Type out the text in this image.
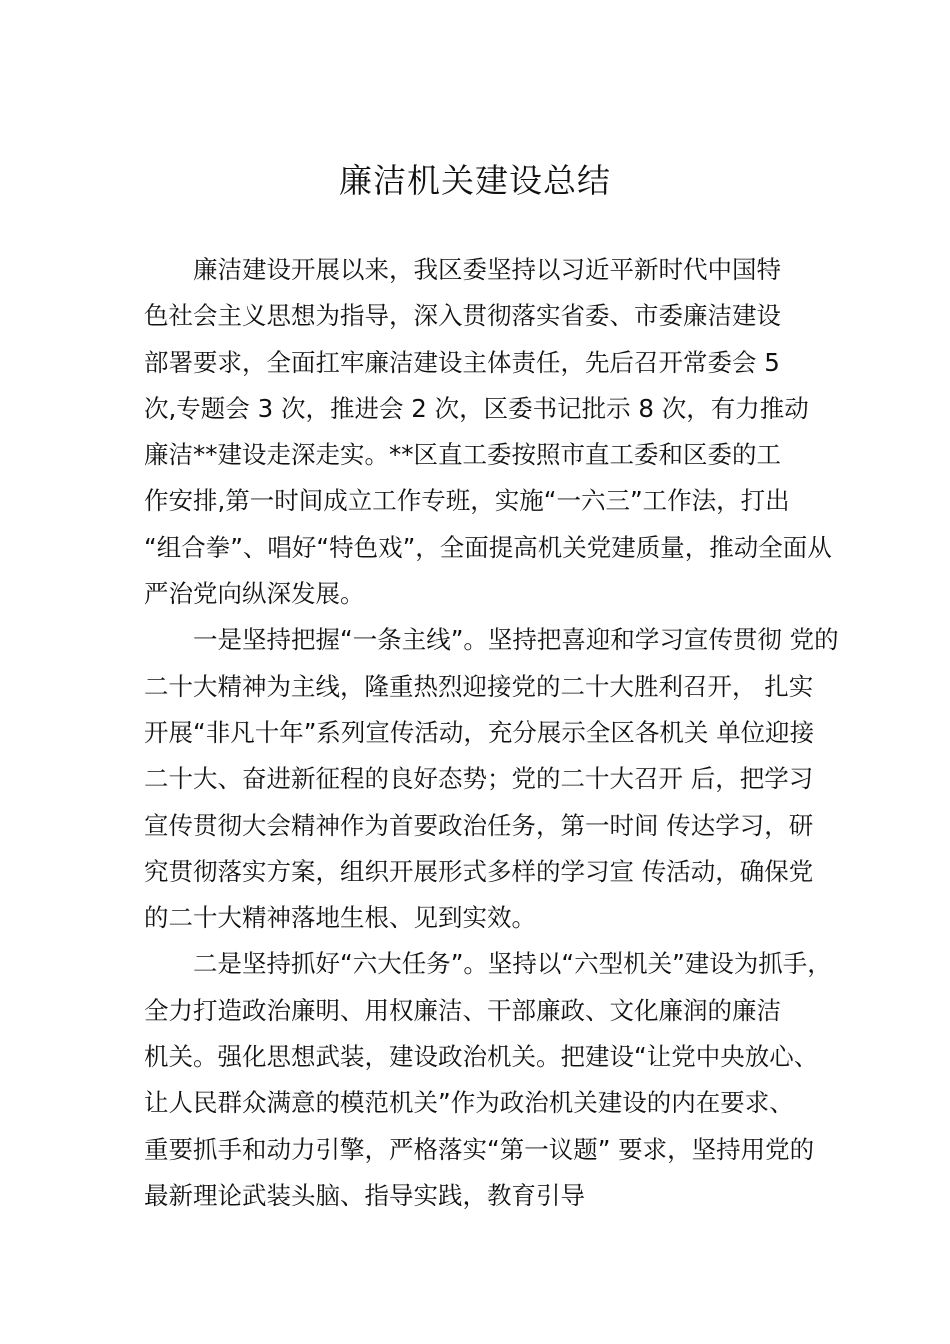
廉洁机关建设总结
廉洁建设开展以来，我区委坚持以习近平新时代中国特
色社会主义思想为指导，深入贯彻落实省委、市委廉洁建设
部署要求，全面扛牢廉洁建设主体责任，先后召开常委会 5
次,专题会 3 次，推进会 2 次，区委书记批示 8 次，有力推动
廉洁**建设走深走实。**区直工委按照市直工委和区委的工
作安排,第一时间成立工作专班，实施“一六三”工作法，打出
“组合拳”、唱好“特色戏”，全面提高机关党建质量，推动全面从
严治党向纵深发展。
一是坚持把握“一条主线”。坚持把喜迎和学习宣传贯彻 党的
二十大精神为主线，隆重热烈迎接党的二十大胜利召开， 扎实
开展“非凡十年”系列宣传活动，充分展示全区各机关 单位迎接
二十大、奋进新征程的良好态势；党的二十大召开 后，把学习
宣传贯彻大会精神作为首要政治任务，第一时间 传达学习，研
究贯彻落实方案，组织开展形式多样的学习宣 传活动，确保党
的二十大精神落地生根、见到实效。
二是坚持抓好“六大任务”。坚持以“六型机关”建设为抓手，
全力打造政治廉明、用权廉洁、干部廉政、文化廉润的廉洁
机关。强化思想武装，建设政治机关。把建设“让党中央放心、
让人民群众满意的模范机关”作为政治机关建设的内在要求、
重要抓手和动力引擎，严格落实“第一议题” 要求，坚持用党的
最新理论武装头脑、指导实践，教育引导
